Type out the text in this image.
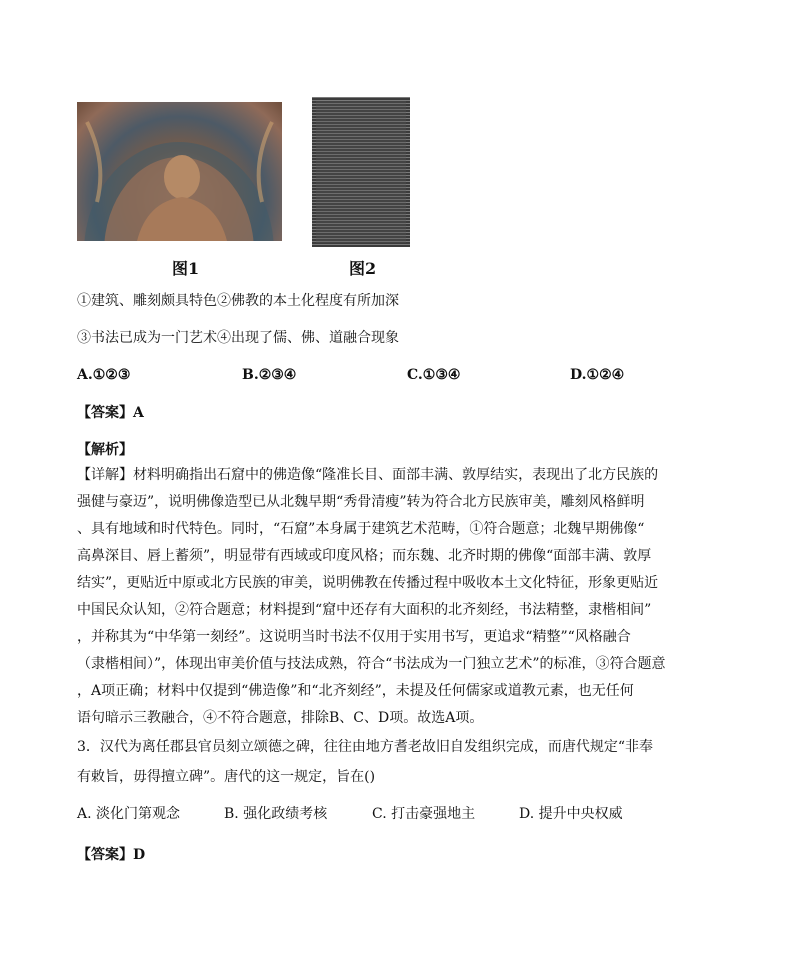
图1	图2
①建筑、雕刻颇具特色②佛教的本土化程度有所加深
③书法已成为一门艺术④出现了儒、佛、道融合现象
A.①②③	B.②③④	C.①③④	D.①②④
【答案】A
【解析】
【详解】材料明确指出石窟中的佛造像“隆准长目、面部丰满、敦厚结实，表现出了北方民族的
强健与豪迈”，说明佛像造型已从北魏早期“秀骨清瘦”转为符合北方民族审美，雕刻风格鲜明
、具有地域和时代特色。同时，“石窟”本身属于建筑艺术范畴，①符合题意；北魏早期佛像“
高鼻深目、唇上蓄须”，明显带有西域或印度风格；而东魏、北齐时期的佛像“面部丰满、敦厚
结实”，更贴近中原或北方民族的审美，说明佛教在传播过程中吸收本土文化特征，形象更贴近
中国民众认知，②符合题意；材料提到“窟中还存有大面积的北齐刻经，书法精整，隶楷相间”
，并称其为“中华第一刻经”。这说明当时书法不仅用于实用书写，更追求“精整”“风格融合
（隶楷相间）”，体现出审美价值与技法成熟，符合“书法成为一门独立艺术”的标准，③符合题意
，A项正确；材料中仅提到“佛造像”和“北齐刻经”，未提及任何儒家或道教元素，也无任何
语句暗示三教融合，④不符合题意，排除B、C、D项。故选A项。
3．汉代为离任郡县官员刻立颂德之碑，往往由地方耆老故旧自发组织完成，而唐代规定“非奉
有敕旨，毋得擅立碑”。唐代的这一规定，旨在()
A. 淡化门第观念	B. 强化政绩考核	C. 打击豪强地主	D. 提升中央权威
【答案】D
